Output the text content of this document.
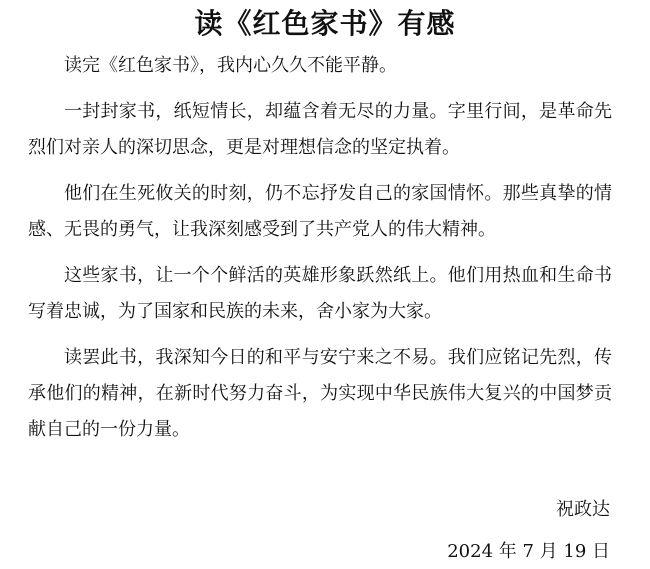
读《红色家书》有感

读完《红色家书》，我内心久久不能平静。

一封封家书，纸短情长，却蕴含着无尽的力量。字里行间，是革命先烈们对亲人的深切思念，更是对理想信念的坚定执着。

他们在生死攸关的时刻，仍不忘抒发自己的家国情怀。那些真挚的情感、无畏的勇气，让我深刻感受到了共产党人的伟大精神。

这些家书，让一个个鲜活的英雄形象跃然纸上。他们用热血和生命书写着忠诚，为了国家和民族的未来，舍小家为大家。

读罢此书，我深知今日的和平与安宁来之不易。我们应铭记先烈，传承他们的精神，在新时代努力奋斗，为实现中华民族伟大复兴的中国梦贡献自己的一份力量。

祝政达
2024 年 7 月 19 日
